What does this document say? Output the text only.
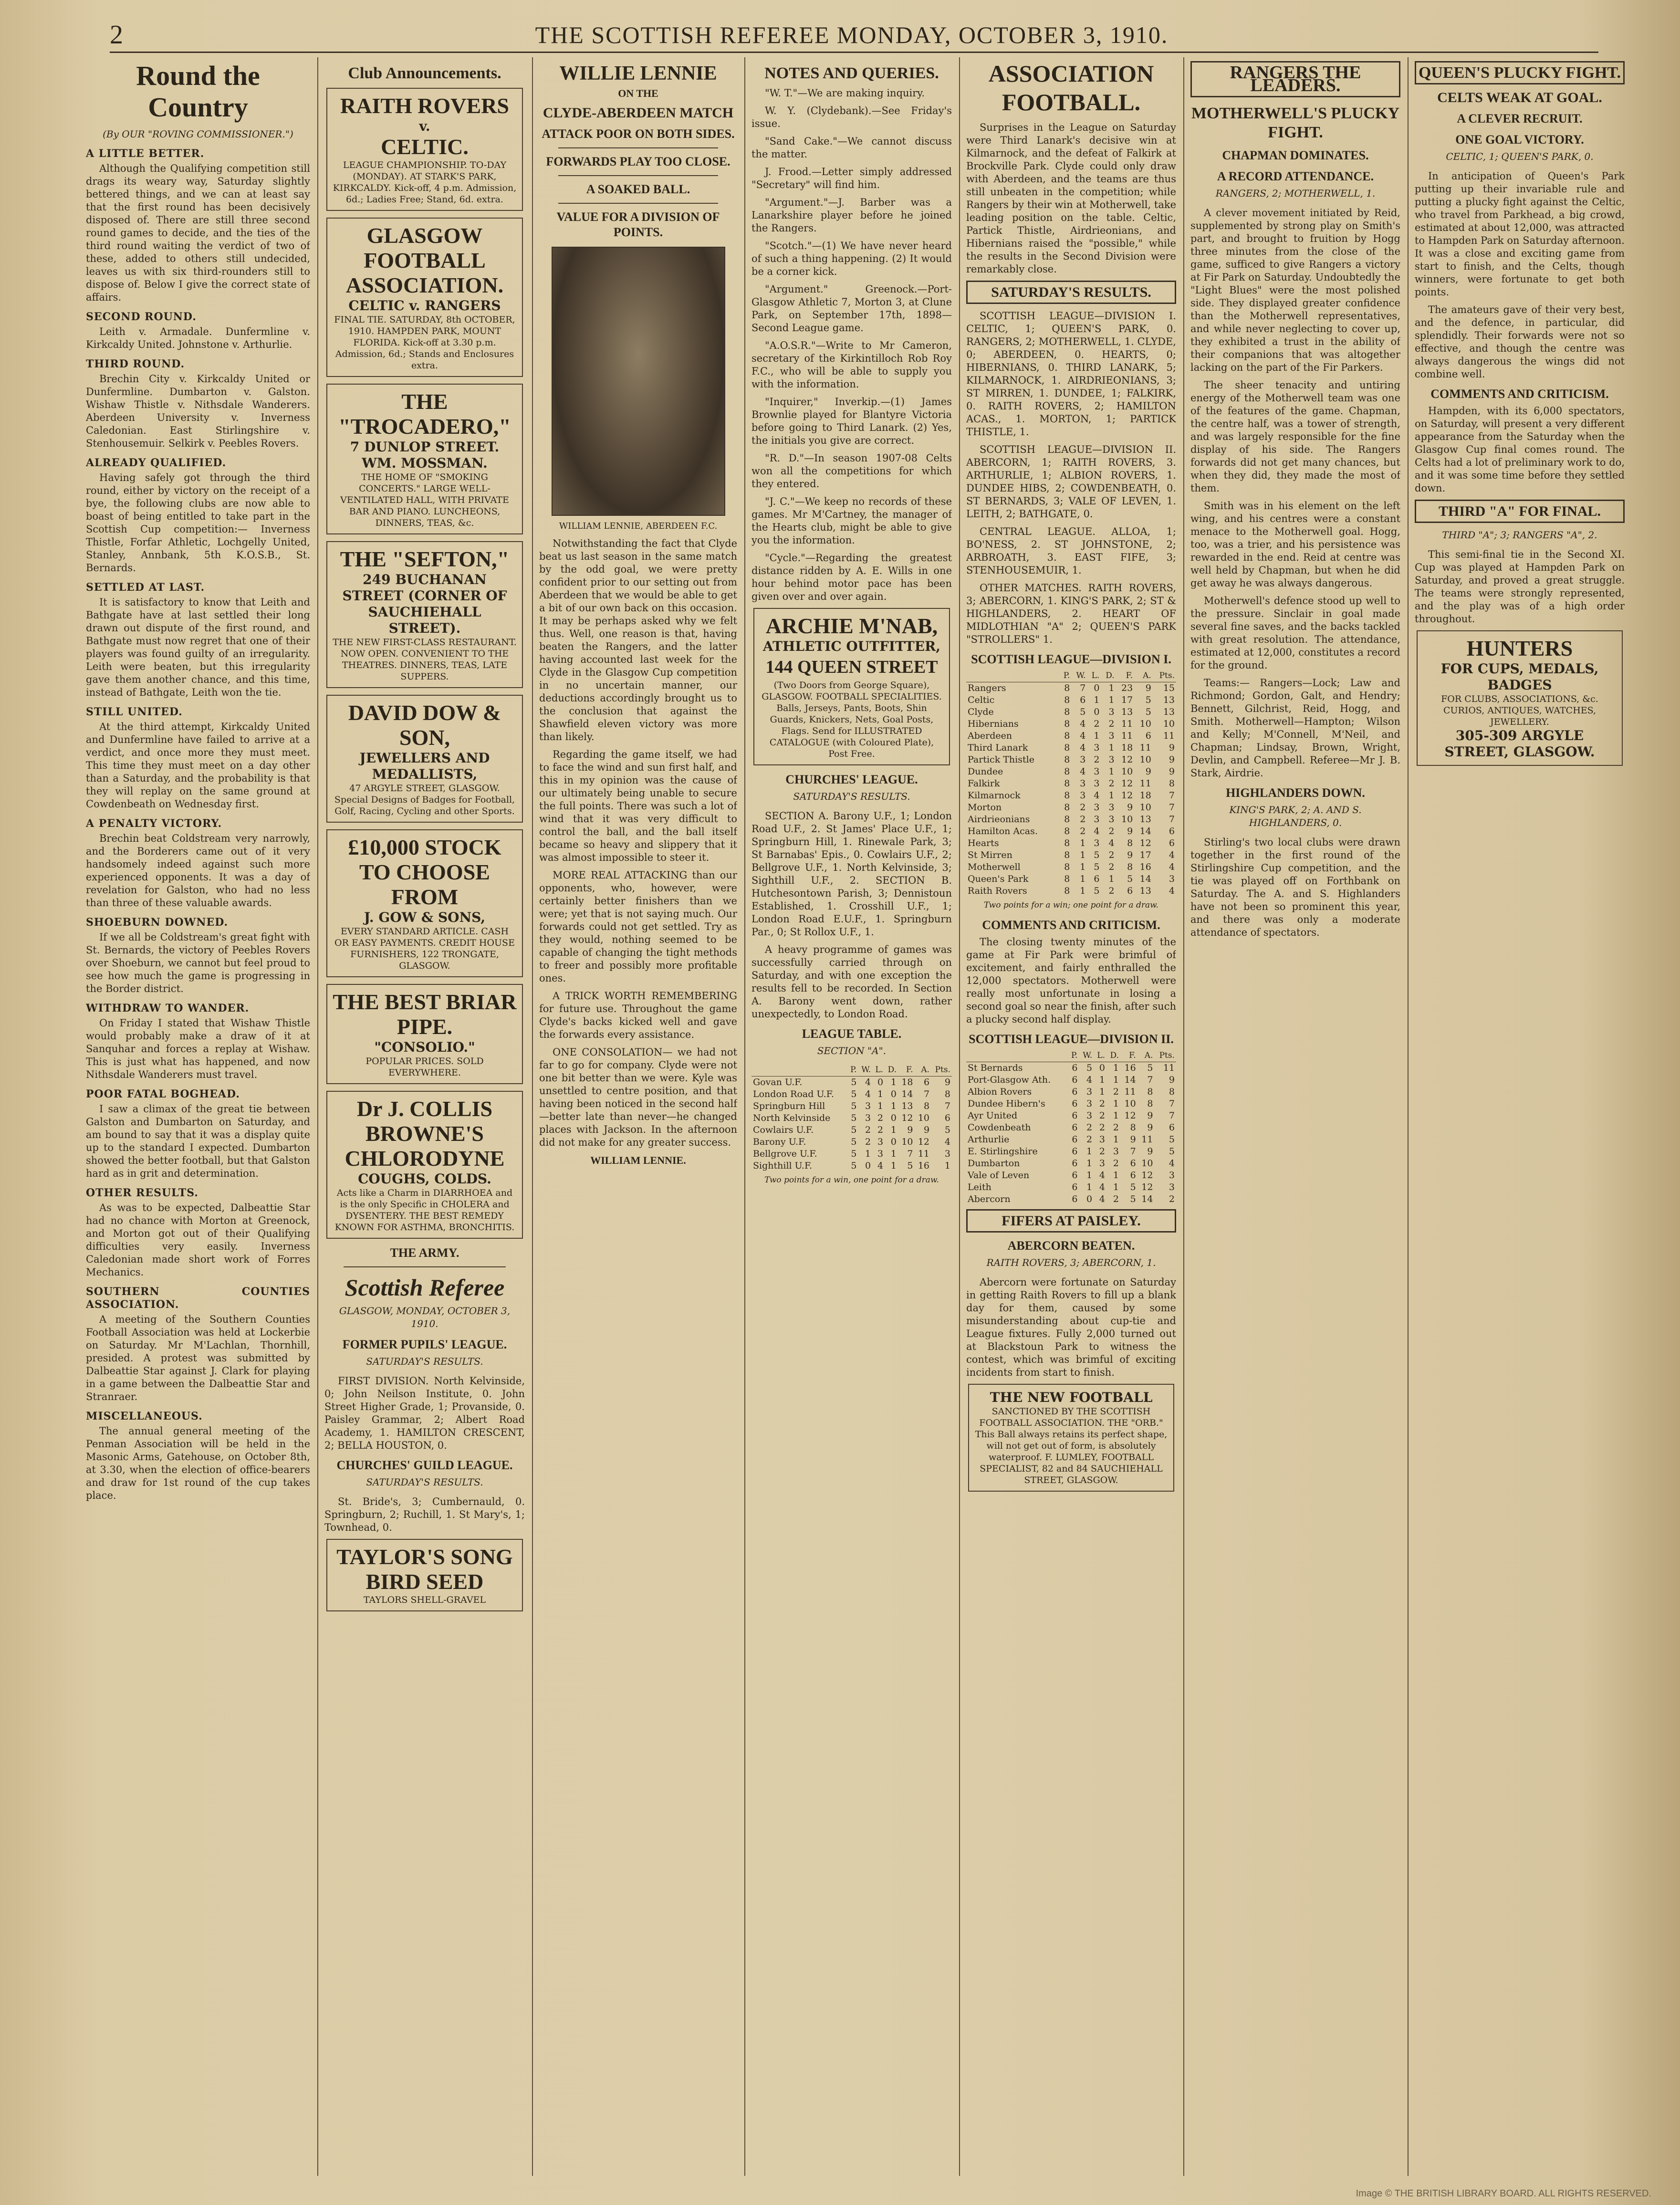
2	THE SCOTTISH REFEREE MONDAY, OCTOBER 3, 1910.
Round the Country
(By OUR "ROVING COMMISSIONER.")
A LITTLE BETTER.

Although the Qualifying competition still drags its weary way, Saturday slightly bettered things, and we can at least say that the first round has been decisively disposed of. There are still three second round games to decide, and the ties of the third round waiting the verdict of two of these, added to others still undecided, leaves us with six third-rounders still to dispose of. Below I give the correct state of affairs.

SECOND ROUND.

Leith v. Armadale. Dunfermline v. Kirkcaldy United. Johnstone v. Arthurlie.

THIRD ROUND.

Brechin City v. Kirkcaldy United or Dunfermline. Dumbarton v. Galston. Wishaw Thistle v. Nithsdale Wanderers. Aberdeen University v. Inverness Caledonian. East Stirlingshire v. Stenhousemuir. Selkirk v. Peebles Rovers.

ALREADY QUALIFIED.

Having safely got through the third round, either by victory on the receipt of a bye, the following clubs are now able to boast of being entitled to take part in the Scottish Cup competition:— Inverness Thistle, Forfar Athletic, Lochgelly United, Stanley, Annbank, 5th K.O.S.B., St. Bernards.

SETTLED AT LAST.

It is satisfactory to know that Leith and Bathgate have at last settled their long drawn out dispute of the first round, and Bathgate must now regret that one of their players was found guilty of an irregularity. Leith were beaten, but this irregularity gave them another chance, and this time, instead of Bathgate, Leith won the tie.

STILL UNITED.

At the third attempt, Kirkcaldy United and Dunfermline have failed to arrive at a verdict, and once more they must meet. This time they must meet on a day other than a Saturday, and the probability is that they will replay on the same ground at Cowdenbeath on Wednesday first.

A PENALTY VICTORY.

Brechin beat Coldstream very narrowly, and the Borderers came out of it very handsomely indeed against such more experienced opponents. It was a day of revelation for Galston, who had no less than three of these valuable awards.

SHOEBURN DOWNED.

If we all be Coldstream's great fight with St. Bernards, the victory of Peebles Rovers over Shoeburn, we cannot but feel proud to see how much the game is progressing in the Border district.

WITHDRAW TO WANDER.

On Friday I stated that Wishaw Thistle would probably make a draw of it at Sanquhar and forces a replay at Wishaw. This is just what has happened, and now Nithsdale Wanderers must travel.

POOR FATAL BOGHEAD.

I saw a climax of the great tie between Galston and Dumbarton on Saturday, and am bound to say that it was a display quite up to the standard I expected. Dumbarton showed the better football, but that Galston hard as in grit and determination.

OTHER RESULTS.

As was to be expected, Dalbeattie Star had no chance with Morton at Greenock, and Morton got out of their Qualifying difficulties very easily. Inverness Caledonian made short work of Forres Mechanics.

SOUTHERN COUNTIES ASSOCIATION.

A meeting of the Southern Counties Football Association was held at Lockerbie on Saturday. Mr M'Lachlan, Thornhill, presided. A protest was submitted by Dalbeattie Star against J. Clark for playing in a game between the Dalbeattie Star and Stranraer.

MISCELLANEOUS.

The annual general meeting of the Penman Association will be held in the Masonic Arms, Gatehouse, on October 8th, at 3.30, when the election of office-bearers and draw for 1st round of the cup takes place.

Club Announcements.
RAITH ROVERS
v.
CELTIC.
LEAGUE CHAMPIONSHIP. TO-DAY (MONDAY). AT STARK'S PARK, KIRKCALDY. Kick-off, 4 p.m. Admission, 6d.; Ladies Free; Stand, 6d. extra.
GLASGOW FOOTBALL ASSOCIATION.
CELTIC v. RANGERS
FINAL TIE. SATURDAY, 8th OCTOBER, 1910. HAMPDEN PARK, MOUNT FLORIDA. Kick-off at 3.30 p.m. Admission, 6d.; Stands and Enclosures extra.
THE "TROCADERO,"
7 DUNLOP STREET. WM. MOSSMAN.
THE HOME OF "SMOKING CONCERTS." LARGE WELL-VENTILATED HALL, WITH PRIVATE BAR AND PIANO. LUNCHEONS, DINNERS, TEAS, &c.
THE "SEFTON,"
249 BUCHANAN STREET (CORNER OF SAUCHIEHALL STREET).
THE NEW FIRST-CLASS RESTAURANT. NOW OPEN. CONVENIENT TO THE THEATRES. DINNERS, TEAS, LATE SUPPERS.
DAVID DOW & SON,
JEWELLERS AND MEDALLISTS,
47 ARGYLE STREET, GLASGOW. Special Designs of Badges for Football, Golf, Racing, Cycling and other Sports.
£10,000 STOCK TO CHOOSE FROM
J. GOW & SONS,
EVERY STANDARD ARTICLE. CASH OR EASY PAYMENTS. CREDIT HOUSE FURNISHERS, 122 TRONGATE, GLASGOW.
THE BEST BRIAR PIPE.
"CONSOLIO."
POPULAR PRICES. SOLD EVERYWHERE.
Dr J. COLLIS BROWNE'S CHLORODYNE
COUGHS, COLDS.
Acts like a Charm in DIARRHOEA and is the only Specific in CHOLERA and DYSENTERY. THE BEST REMEDY KNOWN FOR ASTHMA, BRONCHITIS.
THE ARMY.
Scottish Referee
GLASGOW, MONDAY, OCTOBER 3, 1910.
FORMER PUPILS' LEAGUE.
SATURDAY'S RESULTS.

FIRST DIVISION. North Kelvinside, 0; John Neilson Institute, 0. John Street Higher Grade, 1; Provanside, 0. Paisley Grammar, 2; Albert Road Academy, 1. HAMILTON CRESCENT, 2; BELLA HOUSTON, 0.

CHURCHES' GUILD LEAGUE.
SATURDAY'S RESULTS.

St. Bride's, 3; Cumbernauld, 0. Springburn, 2; Ruchill, 1. St Mary's, 1; Townhead, 0.

TAYLOR'S SONG BIRD SEED
TAYLORS SHELL-GRAVEL
WILLIE LENNIE
ON THE
CLYDE-ABERDEEN MATCH
ATTACK POOR ON BOTH SIDES.
FORWARDS PLAY TOO CLOSE.
A SOAKED BALL.
VALUE FOR A DIVISION OF POINTS.
WILLIAM LENNIE, ABERDEEN F.C.

Notwithstanding the fact that Clyde beat us last season in the same match by the odd goal, we were pretty confident prior to our setting out from Aberdeen that we would be able to get a bit of our own back on this occasion. It may be perhaps asked why we felt thus. Well, one reason is that, having beaten the Rangers, and the latter having accounted last week for the Clyde in the Glasgow Cup competition in no uncertain manner, our deductions accordingly brought us to the conclusion that against the Shawfield eleven victory was more than likely.

Regarding the game itself, we had to face the wind and sun first half, and this in my opinion was the cause of our ultimately being unable to secure the full points. There was such a lot of wind that it was very difficult to control the ball, and the ball itself became so heavy and slippery that it was almost impossible to steer it.

MORE REAL ATTACKING than our opponents, who, however, were certainly better finishers than we were; yet that is not saying much. Our forwards could not get settled. Try as they would, nothing seemed to be capable of changing the tight methods to freer and possibly more profitable ones.

A TRICK WORTH REMEMBERING for future use. Throughout the game Clyde's backs kicked well and gave the forwards every assistance.

ONE CONSOLATION— we had not far to go for company. Clyde were not one bit better than we were. Kyle was unsettled to centre position, and that having been noticed in the second half—better late than never—he changed places with Jackson. In the afternoon did not make for any greater success.

WILLIAM LENNIE.
NOTES AND QUERIES.

"W. T."—We are making inquiry.

W. Y. (Clydebank).—See Friday's issue.

"Sand Cake."—We cannot discuss the matter.

J. Frood.—Letter simply addressed "Secretary" will find him.

"Argument."—J. Barber was a Lanarkshire player before he joined the Rangers.

"Scotch."—(1) We have never heard of such a thing happening. (2) It would be a corner kick.

"Argument." Greenock.—Port-Glasgow Athletic 7, Morton 3, at Clune Park, on September 17th, 1898—Second League game.

"A.O.S.R."—Write to Mr Cameron, secretary of the Kirkintilloch Rob Roy F.C., who will be able to supply you with the information.

"Inquirer," Inverkip.—(1) James Brownlie played for Blantyre Victoria before going to Third Lanark. (2) Yes, the initials you give are correct.

"R. D."—In season 1907-08 Celts won all the competitions for which they entered.

"J. C."—We keep no records of these games. Mr M'Cartney, the manager of the Hearts club, might be able to give you the information.

"Cycle."—Regarding the greatest distance ridden by A. E. Wills in one hour behind motor pace has been given over and over again.

ARCHIE M'NAB,
ATHLETIC OUTFITTER,
144 QUEEN STREET
(Two Doors from George Square), GLASGOW. FOOTBALL SPECIALITIES. Balls, Jerseys, Pants, Boots, Shin Guards, Knickers, Nets, Goal Posts, Flags. Send for ILLUSTRATED CATALOGUE (with Coloured Plate), Post Free.
CHURCHES' LEAGUE.
SATURDAY'S RESULTS.

SECTION A. Barony U.F., 1; London Road U.F., 2. St James' Place U.F., 1; Springburn Hill, 1. Rinewale Park, 3; St Barnabas' Epis., 0. Cowlairs U.F., 2; Bellgrove U.F., 1. North Kelvinside, 3; Sighthill U.F., 2. SECTION B. Hutchesontown Parish, 3; Dennistoun Established, 1. Crosshill U.F., 1; London Road E.U.F., 1. Springburn Par., 0; St Rollox U.F., 1.

A heavy programme of games was successfully carried through on Saturday, and with one exception the results fell to be recorded. In Section A. Barony went down, rather unexpectedly, to London Road.

LEAGUE TABLE.
SECTION "A".
	P.	W.	L.	D.	F.	A.	Pts.
Govan U.F.	5	4	0	1	18	6	9
London Road U.F.	5	4	1	0	14	7	8
Springburn Hill	5	3	1	1	13	8	7
North Kelvinside	5	3	2	0	12	10	6
Cowlairs U.F.	5	2	2	1	9	9	5
Barony U.F.	5	2	3	0	10	12	4
Bellgrove U.F.	5	1	3	1	7	11	3
Sighthill U.F.	5	0	4	1	5	16	1
Two points for a win, one point for a draw.
ASSOCIATION FOOTBALL.

Surprises in the League on Saturday were Third Lanark's decisive win at Kilmarnock, and the defeat of Falkirk at Brockville Park. Clyde could only draw with Aberdeen, and the teams are thus still unbeaten in the competition; while Rangers by their win at Motherwell, take leading position on the table. Celtic, Partick Thistle, Airdrieonians, and Hibernians raised the "possible," while the results in the Second Division were remarkably close.

SATURDAY'S RESULTS.

SCOTTISH LEAGUE—DIVISION I. CELTIC, 1; QUEEN'S PARK, 0. RANGERS, 2; MOTHERWELL, 1. CLYDE, 0; ABERDEEN, 0. HEARTS, 0; HIBERNIANS, 0. THIRD LANARK, 5; KILMARNOCK, 1. AIRDRIEONIANS, 3; ST MIRREN, 1. DUNDEE, 1; FALKIRK, 0. RAITH ROVERS, 2; HAMILTON ACAS., 1. MORTON, 1; PARTICK THISTLE, 1.

SCOTTISH LEAGUE—DIVISION II. ABERCORN, 1; RAITH ROVERS, 3. ARTHURLIE, 1; ALBION ROVERS, 1. DUNDEE HIBS, 2; COWDENBEATH, 0. ST BERNARDS, 3; VALE OF LEVEN, 1. LEITH, 2; BATHGATE, 0.

CENTRAL LEAGUE. ALLOA, 1; BO'NESS, 2. ST JOHNSTONE, 2; ARBROATH, 3. EAST FIFE, 3; STENHOUSEMUIR, 1.

OTHER MATCHES. RAITH ROVERS, 3; ABERCORN, 1. KING'S PARK, 2; ST & HIGHLANDERS, 2. HEART OF MIDLOTHIAN "A" 2; QUEEN'S PARK "STROLLERS" 1.

SCOTTISH LEAGUE—DIVISION I.
	P.	W.	L.	D.	F.	A.	Pts.
Rangers	8	7	0	1	23	9	15
Celtic	8	6	1	1	17	5	13
Clyde	8	5	0	3	13	5	13
Hibernians	8	4	2	2	11	10	10
Aberdeen	8	4	1	3	11	6	11
Third Lanark	8	4	3	1	18	11	9
Partick Thistle	8	3	2	3	12	10	9
Dundee	8	4	3	1	10	9	9
Falkirk	8	3	3	2	12	11	8
Kilmarnock	8	3	4	1	12	18	7
Morton	8	2	3	3	9	10	7
Airdrieonians	8	2	3	3	10	13	7
Hamilton Acas.	8	2	4	2	9	14	6
Hearts	8	1	3	4	8	12	6
St Mirren	8	1	5	2	9	17	4
Motherwell	8	1	5	2	8	16	4
Queen's Park	8	1	6	1	5	14	3
Raith Rovers	8	1	5	2	6	13	4
Two points for a win; one point for a draw.
COMMENTS AND CRITICISM.

The closing twenty minutes of the game at Fir Park were brimful of excitement, and fairly enthralled the 12,000 spectators. Motherwell were really most unfortunate in losing a second goal so near the finish, after such a plucky second half display.

SCOTTISH LEAGUE—DIVISION II.
	P.	W.	L.	D.	F.	A.	Pts.
St Bernards	6	5	0	1	16	5	11
Port-Glasgow Ath.	6	4	1	1	14	7	9
Albion Rovers	6	3	1	2	11	8	8
Dundee Hibern's	6	3	2	1	10	8	7
Ayr United	6	3	2	1	12	9	7
Cowdenbeath	6	2	2	2	8	9	6
Arthurlie	6	2	3	1	9	11	5
E. Stirlingshire	6	1	2	3	7	9	5
Dumbarton	6	1	3	2	6	10	4
Vale of Leven	6	1	4	1	6	12	3
Leith	6	1	4	1	5	12	3
Abercorn	6	0	4	2	5	14	2
FIFERS AT PAISLEY.
ABERCORN BEATEN.
RAITH ROVERS, 3; ABERCORN, 1.

Abercorn were fortunate on Saturday in getting Raith Rovers to fill up a blank day for them, caused by some misunderstanding about cup-tie and League fixtures. Fully 2,000 turned out at Blackstoun Park to witness the contest, which was brimful of exciting incidents from start to finish.

THE NEW FOOTBALL
SANCTIONED BY THE SCOTTISH FOOTBALL ASSOCIATION. THE "ORB."
This Ball always retains its perfect shape, will not get out of form, is absolutely waterproof. F. LUMLEY, FOOTBALL SPECIALIST, 82 and 84 SAUCHIEHALL STREET, GLASGOW.
RANGERS THE LEADERS.
MOTHERWELL'S PLUCKY FIGHT.
CHAPMAN DOMINATES.
A RECORD ATTENDANCE.
RANGERS, 2; MOTHERWELL, 1.

A clever movement initiated by Reid, supplemented by strong play on Smith's part, and brought to fruition by Hogg three minutes from the close of the game, sufficed to give Rangers a victory at Fir Park on Saturday. Undoubtedly the "Light Blues" were the most polished side. They displayed greater confidence than the Motherwell representatives, and while never neglecting to cover up, they exhibited a trust in the ability of their companions that was altogether lacking on the part of the Fir Parkers.

The sheer tenacity and untiring energy of the Motherwell team was one of the features of the game. Chapman, the centre half, was a tower of strength, and was largely responsible for the fine display of his side. The Rangers forwards did not get many chances, but when they did, they made the most of them.

Smith was in his element on the left wing, and his centres were a constant menace to the Motherwell goal. Hogg, too, was a trier, and his persistence was rewarded in the end. Reid at centre was well held by Chapman, but when he did get away he was always dangerous.

Motherwell's defence stood up well to the pressure. Sinclair in goal made several fine saves, and the backs tackled with great resolution. The attendance, estimated at 12,000, constitutes a record for the ground.

Teams:— Rangers—Lock; Law and Richmond; Gordon, Galt, and Hendry; Bennett, Gilchrist, Reid, Hogg, and Smith. Motherwell—Hampton; Wilson and Kelly; M'Connell, M'Neil, and Chapman; Lindsay, Brown, Wright, Devlin, and Campbell. Referee—Mr J. B. Stark, Airdrie.

HIGHLANDERS DOWN.
KING'S PARK, 2; A. AND S. HIGHLANDERS, 0.

Stirling's two local clubs were drawn together in the first round of the Stirlingshire Cup competition, and the tie was played off on Forthbank on Saturday. The A. and S. Highlanders have not been so prominent this year, and there was only a moderate attendance of spectators.

QUEEN'S PLUCKY FIGHT.
CELTS WEAK AT GOAL.
A CLEVER RECRUIT.
ONE GOAL VICTORY.
CELTIC, 1; QUEEN'S PARK, 0.

In anticipation of Queen's Park putting up their invariable rule and putting a plucky fight against the Celtic, who travel from Parkhead, a big crowd, estimated at about 12,000, was attracted to Hampden Park on Saturday afternoon. It was a close and exciting game from start to finish, and the Celts, though winners, were fortunate to get both points.

The amateurs gave of their very best, and the defence, in particular, did splendidly. Their forwards were not so effective, and though the centre was always dangerous the wings did not combine well.

COMMENTS AND CRITICISM.

Hampden, with its 6,000 spectators, on Saturday, will present a very different appearance from the Saturday when the Glasgow Cup final comes round. The Celts had a lot of preliminary work to do, and it was some time before they settled down.

THIRD "A" FOR FINAL.
THIRD "A"; 3; RANGERS "A", 2.

This semi-final tie in the Second XI. Cup was played at Hampden Park on Saturday, and proved a great struggle. The teams were strongly represented, and the play was of a high order throughout.

HUNTERS
FOR CUPS, MEDALS, BADGES
FOR CLUBS, ASSOCIATIONS, &c. CURIOS, ANTIQUES, WATCHES, JEWELLERY.
305-309 ARGYLE STREET, GLASGOW.
Image © THE BRITISH LIBRARY BOARD. ALL RIGHTS RESERVED.
